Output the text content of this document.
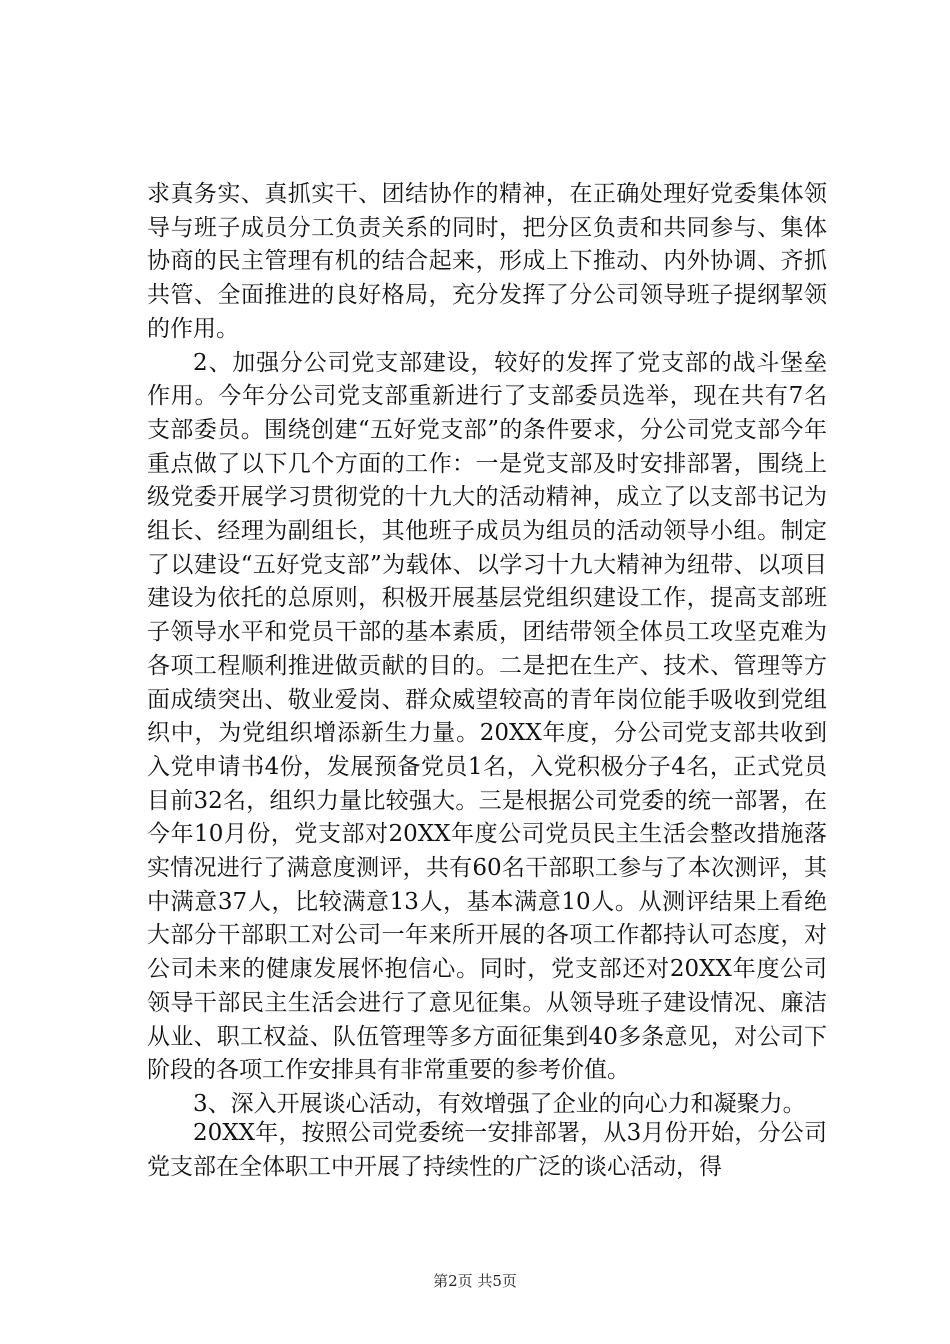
求真务实、真抓实干、团结协作的精神，在正确处理好党委集体领导与班子成员分工负责关系的同时，把分区负责和共同参与、集体协商的民主管理有机的结合起来，形成上下推动、内外协调、齐抓共管、全面推进的良好格局，充分发挥了分公司领导班子提纲挈领的作用。

2、加强分公司党支部建设，较好的发挥了党支部的战斗堡垒作用。今年分公司党支部重新进行了支部委员选举，现在共有7名支部委员。围绕创建“五好党支部”的条件要求，分公司党支部今年重点做了以下几个方面的工作：一是党支部及时安排部署，围绕上级党委开展学习贯彻党的十九大的活动精神，成立了以支部书记为组长、经理为副组长，其他班子成员为组员的活动领导小组。制定了以建设“五好党支部”为载体、以学习十九大精神为纽带、以项目建设为依托的总原则，积极开展基层党组织建设工作，提高支部班子领导水平和党员干部的基本素质，团结带领全体员工攻坚克难为各项工程顺利推进做贡献的目的。二是把在生产、技术、管理等方面成绩突出、敬业爱岗、群众威望较高的青年岗位能手吸收到党组织中，为党组织增添新生力量。20XX年度，分公司党支部共收到入党申请书4份，发展预备党员1名，入党积极分子4名，正式党员目前32名，组织力量比较强大。三是根据公司党委的统一部署，在今年10月份，党支部对20XX年度公司党员民主生活会整改措施落实情况进行了满意度测评，共有60名干部职工参与了本次测评，其中满意37人，比较满意13人，基本满意10人。从测评结果上看绝大部分干部职工对公司一年来所开展的各项工作都持认可态度，对公司未来的健康发展怀抱信心。同时，党支部还对20XX年度公司领导干部民主生活会进行了意见征集。从领导班子建设情况、廉洁从业、职工权益、队伍管理等多方面征集到40多条意见，对公司下阶段的各项工作安排具有非常重要的参考价值。

3、深入开展谈心活动，有效增强了企业的向心力和凝聚力。

20XX年，按照公司党委统一安排部署，从3月份开始，分公司党支部在全体职工中开展了持续性的广泛的谈心活动，得

第2页 共5页
